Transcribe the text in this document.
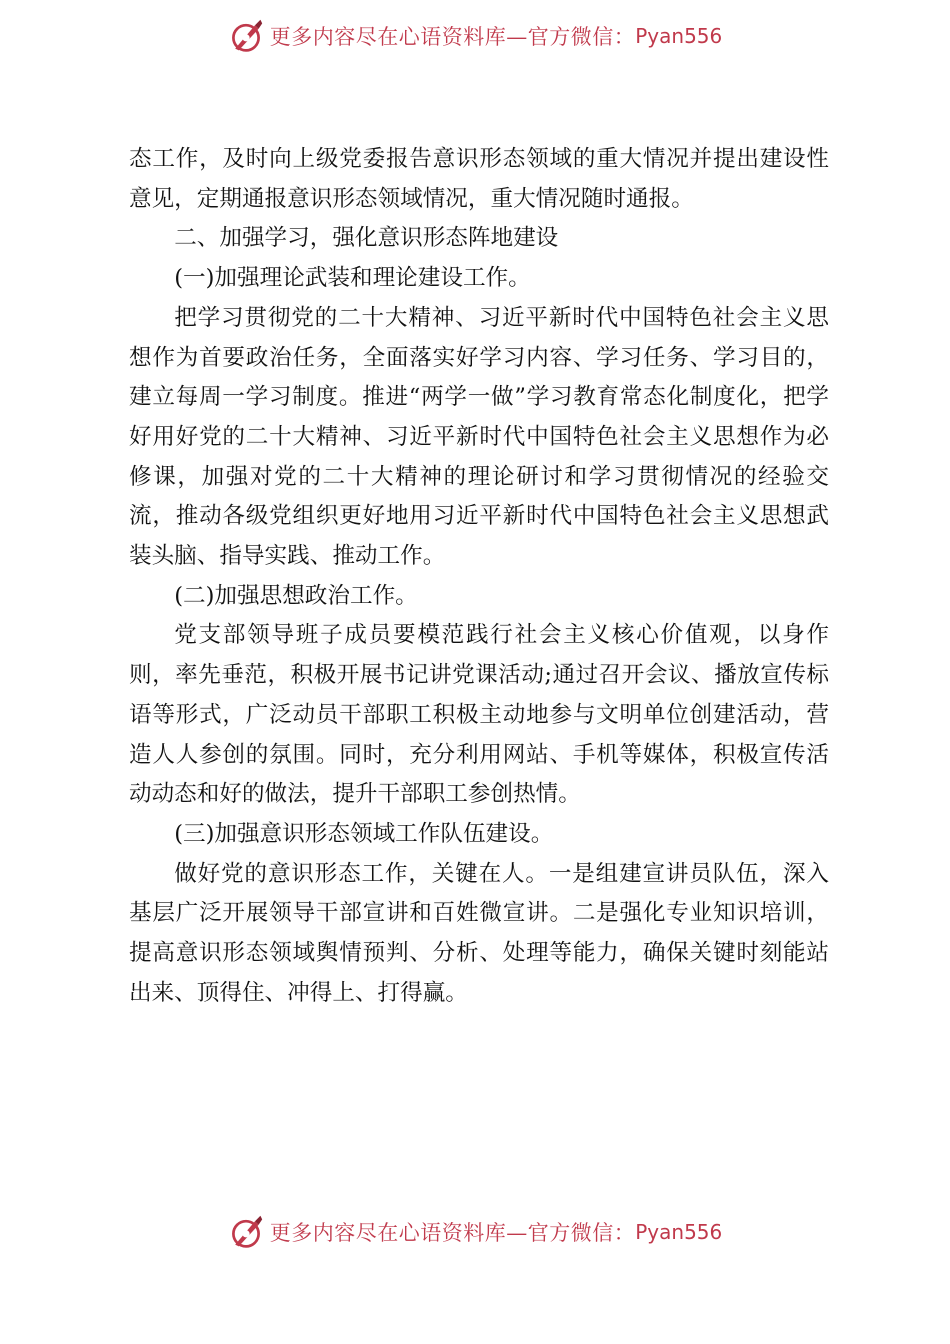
更多内容尽在心语资料库—官方微信： Pyan556

态工作，及时向上级党委报告意识形态领域的重大情况并提出建设性意见，定期通报意识形态领域情况，重大情况随时通报。

二、加强学习，强化意识形态阵地建设

(一)加强理论武装和理论建设工作。

把学习贯彻党的二十大精神、习近平新时代中国特色社会主义思想作为首要政治任务，全面落实好学习内容、学习任务、学习目的，建立每周一学习制度。推进“两学一做”学习教育常态化制度化，把学好用好党的二十大精神、习近平新时代中国特色社会主义思想作为必修课，加强对党的二十大精神的理论研讨和学习贯彻情况的经验交流，推动各级党组织更好地用习近平新时代中国特色社会主义思想武装头脑、指导实践、推动工作。

(二)加强思想政治工作。

党支部领导班子成员要模范践行社会主义核心价值观，以身作则，率先垂范，积极开展书记讲党课活动;通过召开会议、播放宣传标语等形式，广泛动员干部职工积极主动地参与文明单位创建活动，营造人人参创的氛围。同时，充分利用网站、手机等媒体，积极宣传活动动态和好的做法，提升干部职工参创热情。

(三)加强意识形态领域工作队伍建设。

做好党的意识形态工作，关键在人。一是组建宣讲员队伍，深入基层广泛开展领导干部宣讲和百姓微宣讲。二是强化专业知识培训，提高意识形态领域舆情预判、分析、处理等能力，确保关键时刻能站出来、顶得住、冲得上、打得赢。

更多内容尽在心语资料库—官方微信： Pyan556
